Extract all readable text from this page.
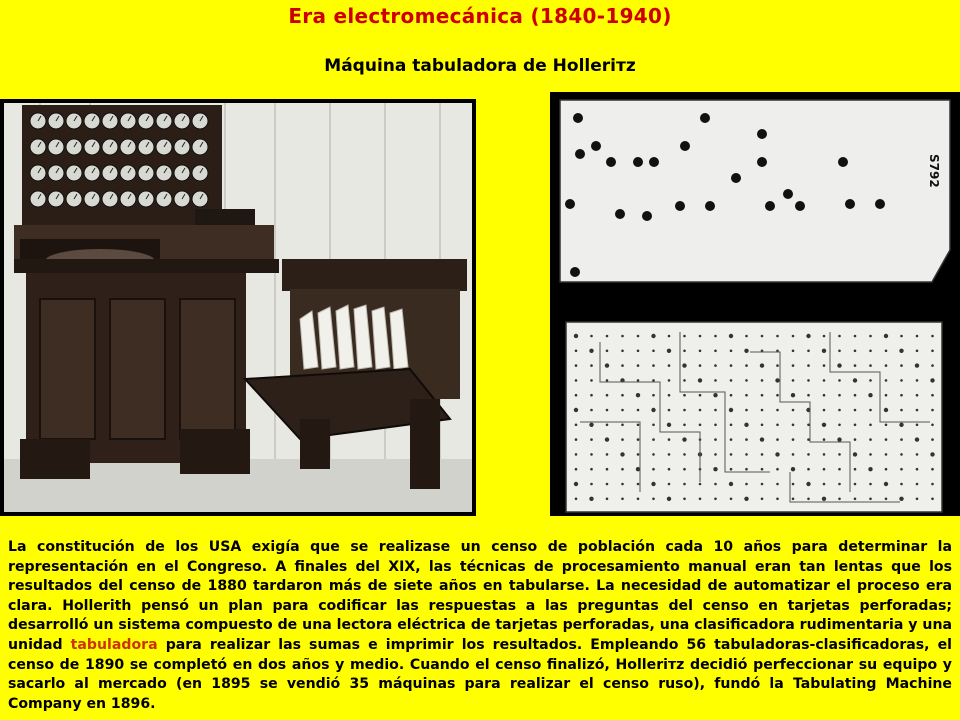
Era electromecánica (1840-1940)
Máquina tabuladora de Hollerітz
S792
La constitución de los USA exigía que se realizase un censo de población cada 10 años para determinar la representación en el Congreso. A finales del XIX, las técnicas de procesamiento manual eran tan lentas que los resultados del censo de 1880 tardaron más de siete años en tabularse. La necesidad de automatizar el proceso era clara. Hollerith pensó un plan para codificar las respuestas a las preguntas del censo en tarjetas perforadas; desarrolló un sistema compuesto de una lectora eléctrica de tarjetas perforadas, una clasificadora rudimentaria y una unidad tabuladora para realizar las sumas e imprimir los resultados. Empleando 56 tabuladoras-clasificadoras, el censo de 1890 se completó en dos años y medio. Cuando el censo finalizó, Hollerітz decidió perfeccionar su equipo y sacarlo al mercado (en 1895 se vendió 35 máquinas para realizar el censo ruso), fundó la Tabulating Machine Company en 1896.
